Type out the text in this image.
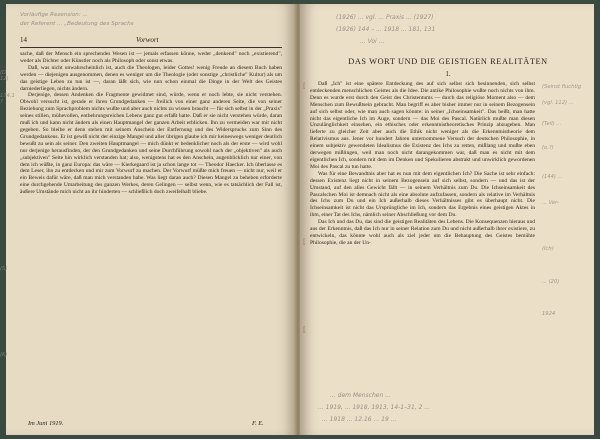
Vorläufige Rezension: ...
der Referent ... „Bedeutung des Sprachs
14	Vorwort

sache, daß der Mensch ein sprechendes Wesen ist — jemals erfassen könne, weder „denkend" noch „existierend", weder als Dichter oder Künstler noch als Philosoph oder sonst etwas.

Daß, was nicht unwahrscheinlich ist, auch die Theologen, leider Gottes! wenig Freude an diesem Buch haben werden — diejenigen ausgenommen, denen es weniger um die Theologie (oder sonstige „christliche" Kultur) als um das geistige Leben zu tun ist —, daran läßt sich, wie nun schon einmal die Dinge in der Welt des Geistes darniederliegen, nichts ändern.

Derjenige, dessen Andenken die Fragmente gewidmet sind, würde, wenn er noch lebte, sie nicht verstehen. Obwohl versucht ist, gerade er ihren Grundgedanken — freilich von einer ganz anderen Seite, die von seiner Beziehung zum Sprachproblem nichts wußte und aber auch nichts zu wissen braucht — für sich selbst in der „Praxis" seines stillen, mühevollen, entbehrungsreichen Lebens ganz gut erfaßt hatte. Daß er sie nicht verstehen würde, daran muß ich und kann nicht ändern als einen Hauptmangel der ganzen Arbeit erblicken. Ihn zu vermeiden war mir nicht gegeben. So bleibe er denn stehen mit seinem Anschein der Entfernung und des Widerspruchs zum Sinn des Grundgedankens. Er ist gewiß nicht der einzige Mangel und aller übrigen glaube ich mir keineswegs weniger deutlich bewußt zu sein als seiner. Den zweiten Hauptmangel — mich dünkt er bedenklicher noch als der erste — wird wohl nur derjenige herausfinden, der den Grundgedanken und seine Durchführung sowohl nach der „objektiven" als auch „subjektiven" Seite hin wirklich verstanden hat; also, wenigstens hat es den Anschein, augenblicklich nur einer, von dem ich wüßte, in ganz Europa: das wäre — Kierkegaard ist ja schon lange tot — Theodor Haecker. Ich überlasse es dem Leser, ihn zu entdecken und mir zum Vorwurf zu machen. Der Vorwurf müßte mich freuen — nicht nur, weil er ein Beweis dafür wäre, daß man mich verstanden habe. Was liegt daran auch? Diesen Mangel zu beheben erforderte eine durchgehende Umarbeitung des ganzen Werkes, deren Gelingen — selbst wenn, wie es tatsächlich der Fall ist, äußere Umstände mich nicht an ihr hinderten — schließlich doch zweifelhaft bliebe.

Im Juni 1919.	F. E.
(1926) ... vgl. ... Praxis ... (1927)
(1926) 144 – ... 1918 ... 181, 131
... Voi ...
DAS WORT UND DIE GEISTIGEN REALITÄTEN
1.

Daß „Ich" ist eine spätere Entdeckung des auf sich selbst sich besinnenden, sich selbst entdeckenden menschlichen Geistes als die Idee. Die antike Philosophie wußte noch nichts von ihm. Denn es wurde erst durch den Geist des Christentums — durch das religiöse Moment also — dem Menschen zum Bewußtsein gebracht. Man begriff es aber bisher immer nur in seinem Bezogensein auf sich selbst oder, wie man auch sagen könnte: in seiner „Ichseinsamkeit". Das heißt, man hatte nicht das eigentliche Ich im Auge, sondern — das Moi des Pascal. Natürlich mußte man diesen Unzulänglichkeit einsehen, ein ethisches oder erkenntnistheoretisches Prinzip abzugeben. Man lieferte zu gleicher Zeit aber auch die Ethik nicht weniger als die Erkenntnistheorie dem Relativismus aus. Jener vor hundert Jahren unternommene Versuch der deutschen Philosophie, in einem subjektiv gewendeten Idealismus die Existenz des Ichs zu retten, mißlang und mußte eben derwegen mißlingen, weil man noch nicht darangekommen war, daß man es nicht mit dem eigentlichen Ich, sondern mit dem im Denken und Spekulieren abstrakt und unwirklich gewordenen Moi des Pascal zu tun hatte.

Was für eine Bewandtnis aber hat es nun mit dem eigentlichen Ich? Die Sache ist sehr einfach: dessen Existenz liegt nicht in seinem Bezogensein auf sich selbst, sondern — und das ist der Umstand, auf den alles Gewicht fällt — in seinem Verhältnis zum Du. Die Ichseinsamkeit des Pascalschen Moi ist demnach nicht als eine absolute aufzufassen, sondern als relative im Verhältnis des Ichs zum Du und ein Ich außerhalb dieses Verhältnisses gibt es überhaupt nicht. Die Ichseinsamkeit ist nicht das Ursprüngliche im Ich, sondern das Ergebnis eines geistigen Aktes in ihm, einer Tat des Ichs, nämlich seiner Abschließung vor dem Du.

Das Ich und das Du, das sind die geistigen Realitäten des Lebens. Die Konsequenzen hieraus und aus der Erkenntnis, daß das Ich nur in seiner Relation zum Du und nicht außerhalb ihrer existiere, zu entwickeln, das könnte wohl auch als ziel jeder um die Behauptung des Geistes bemühte Philosophie, die an der Un-

(Seinst fluchtig
(vgl. 112) ...
(Teil) ...
(o.?)
(144) ...
... Ver-
(Ich)
... (20)
1924
(D 12)
174,1 ?
(S)
(K)
[
[
[
... dem Menschen ...
... 1919, ... 1918, 1913, 14-1–31, 2 ...
... 1918 ... 12.16 ... 19 ...
